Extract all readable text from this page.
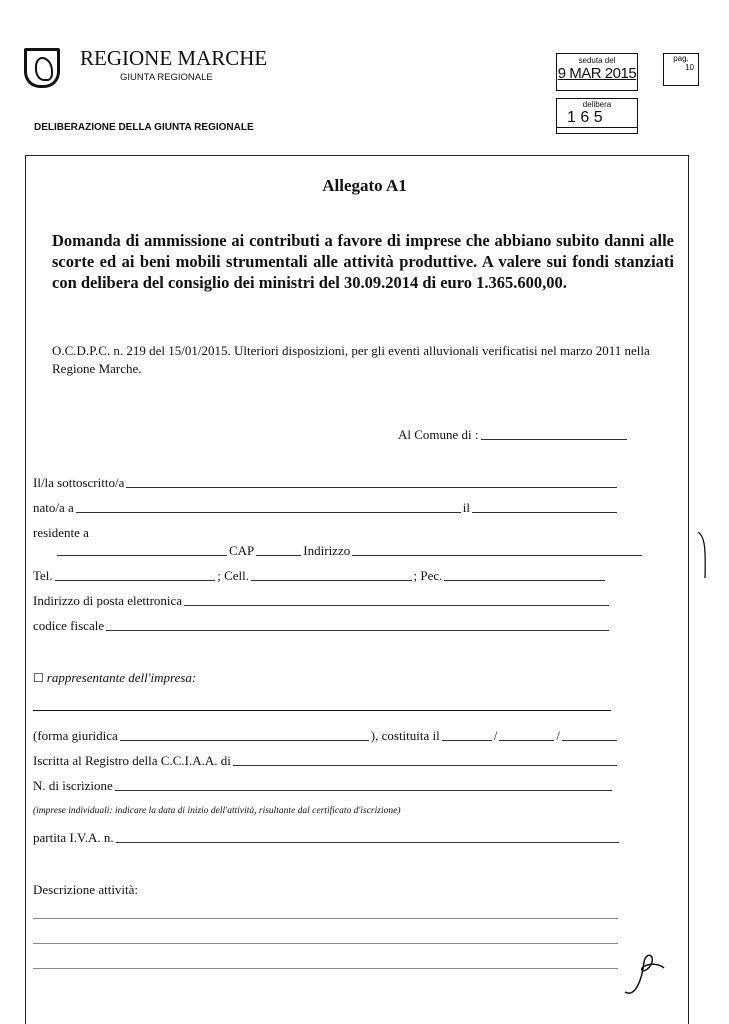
REGIONE MARCHE
GIUNTA REGIONALE
DELIBERAZIONE DELLA GIUNTA REGIONALE
seduta del
9 MAR 2015
pag.
10
delibera
1 6 5
Allegato A1
Domanda di ammissione ai contributi a favore di imprese che abbiano subito danni alle scorte ed ai beni mobili strumentali alle attività produttive. A valere sui fondi stanziati con delibera del consiglio dei ministri del 30.09.2014 di euro 1.365.600,00.
O.C.D.P.C. n. 219 del 15/01/2015. Ulteriori disposizioni, per gli eventi alluvionali verificatisi nel marzo 2011 nella Regione Marche.
Al Comune di :
Il/la sottoscritto/a
nato/a a	il
residente a
CAP	Indirizzo
Tel.	; Cell.	; Pec.
Indirizzo di posta elettronica
codice fiscale
☐ rappresentante dell'impresa:
(forma giuridica	), costituita il	/	/
Iscritta al Registro della C.C.I.A.A. di
N. di iscrizione
(imprese individuali: indicare la data di inizio dell'attività, risultante dal certificato d'iscrizione)
partita I.V.A. n.
Descrizione attività:
